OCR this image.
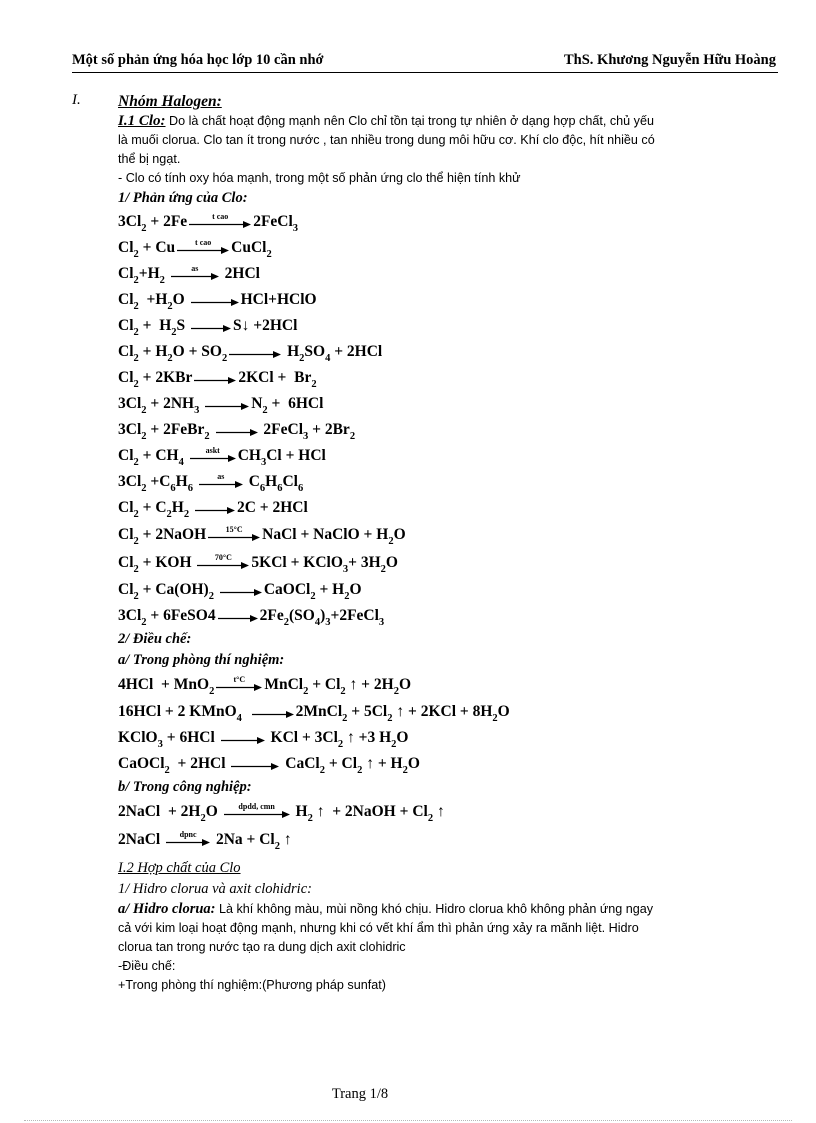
Một số phản ứng hóa học lớp 10 cần nhớ	ThS. Khương Nguyễn Hữu Hoàng
I. Nhóm Halogen:
I.1 Clo: Do là chất hoạt động mạnh nên Clo chỉ tồn tại trong tự nhiên ở dạng hợp chất, chủ yếu
là muối clorua. Clo tan ít trong nước , tan nhiều trong dung môi hữu cơ. Khí clo độc, hít nhiều có
thể bị ngạt.
- Clo có tính oxy hóa mạnh, trong một số phản ứng clo thể hiện tính khử
1/ Phản ứng của Clo:
$3Cl_2 + 2Fe$	t cao 2FeCl$_3$
$Cl_2 + Cu$ t cao CuCl$_2$
$Cl_2 +H_2$

as 2HCl
$Cl_2 +H_2$ O → HCl+HClO
$Cl_2 + H_2$ S → S↓ +2HCl
$Cl_2 + H_2$ $O + SO_2 \to H_2$ $SO_4 + 2HCl$
$Cl_2 + 2KBr \to 2KCl + Br_2$
$3Cl_2 + 2NH_3$
→ $N_2 + 6HCl$
$3Cl_2$ + 2FeBr$_2$
→ 2FeCl$_3$ + $2Br_2$
$Cl_2 + CH_4$

askt $CH_3$ Cl + HCl
$3Cl_2 +C_6$ $H_6$

as $C_6$ $H_6$ $Cl_6$
$Cl_2 + C_2$ $H_2$
→ 2C + 2HCl
$Cl_2$ + 2NaOH 15°C NaCl + NaClO + $H_2$ O
$Cl_2$ + KOH 70°C 5KCl + KClO$_3$ + $3H_2$ O
$Cl_2 + Ca(OH)_2$
→ CaOCl$_2$ + $H_2$ O
$3Cl_2$ + 6FeSO4 → $2Fe_2$ ($SO_4$ )$_3$ +2FeCl$_3$
2/ Điều chế:
a/ Trong phòng thí nghiệm:
4HCl  + MnO$_2$
t°C MnCl$_2$ + $Cl_2$ ↑ + $2H_2$ O
16HCl + 2 KMnO$_4$
→ 2MnCl$_2$ + $5Cl_2$ ↑ + $2KCl + 8H_2$ O
KClO$_3$ + 6HCl → KCl + $3Cl_2$ ↑ +3 $H_2$ O
CaOCl$_2$ + 2HCl → CaCl$_2$ + $Cl_2$ ↑ + $H_2$ O
b/ Trong công nghiệp:
2NaCl  + $2H_2$ O dpdd, cmn $H_2$ ↑  + 2NaOH + $Cl_2$ ↑
2NaCl dpnc $2Na + Cl_2$ ↑
I.2 Hợp chất của Clo
1/ Hidro clorua và axit clohidric:
a/ Hidro clorua: Là khí không màu, mùi nồng khó chịu. Hidro clorua khô không phản ứng ngay
cả với kim loại hoạt động mạnh, nhưng khi có vết khí ẩm thì phản ứng xảy ra mãnh liệt. Hidro
clorua tan trong nước tạo ra dung dịch axit clohidric
-Điều chế:
+Trong phòng thí nghiệm:(Phương pháp sunfat)
Trang 1/8
